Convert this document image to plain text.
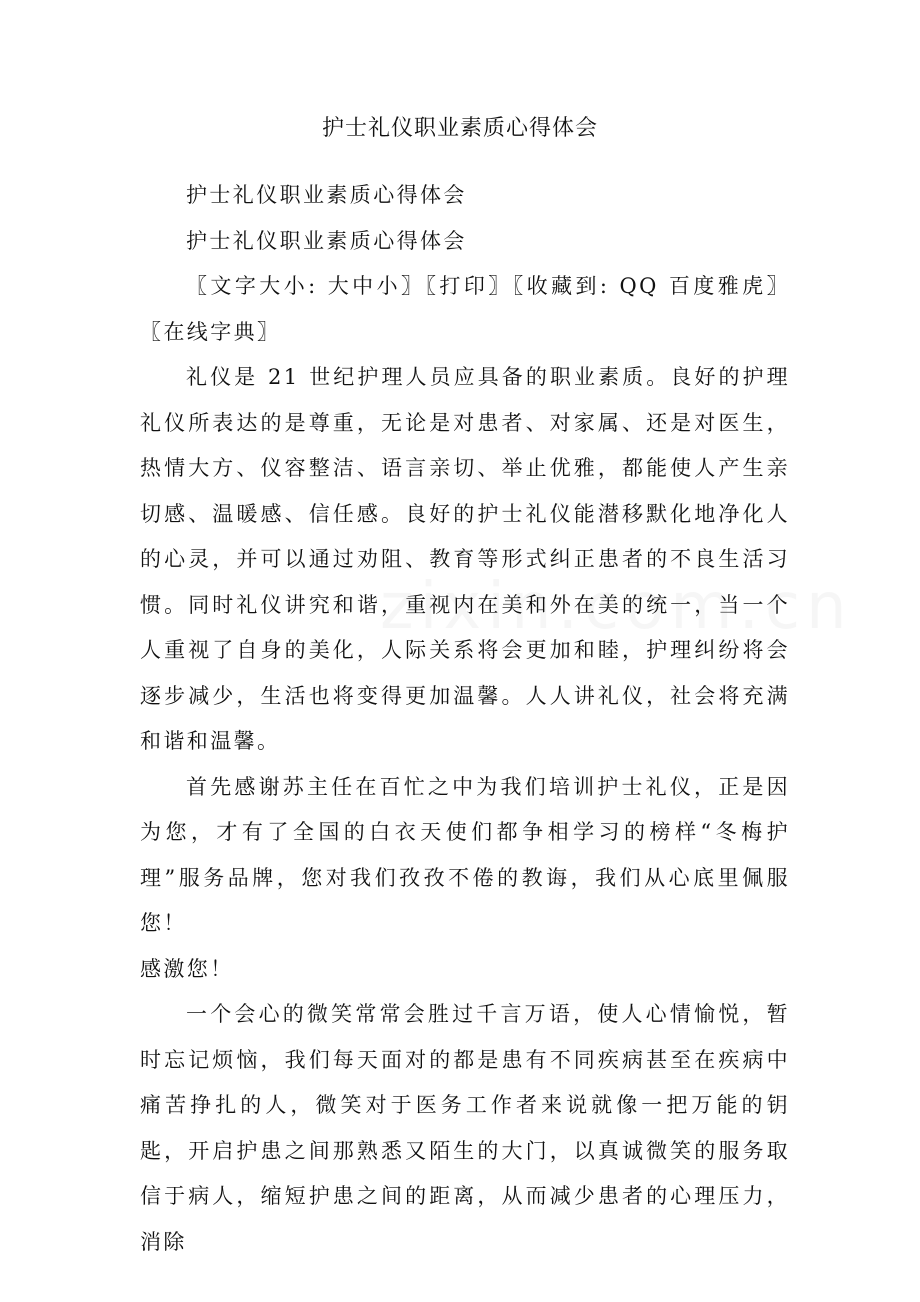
护士礼仪职业素质心得体会

护士礼仪职业素质心得体会

护士礼仪职业素质心得体会

〖文字大小: 大中小〗〖打印〗〖收藏到: QQ 百度雅虎〗〖在线字典〗

礼仪是 21 世纪护理人员应具备的职业素质。良好的护理礼仪所表达的是尊重，无论是对患者、对家属、还是对医生，热情大方、仪容整洁、语言亲切、举止优雅，都能使人产生亲切感、温暖感、信任感。良好的护士礼仪能潜移默化地净化人的心灵，并可以通过劝阻、教育等形式纠正患者的不良生活习惯。同时礼仪讲究和谐，重视内在美和外在美的统一，当一个人重视了自身的美化，人际关系将会更加和睦，护理纠纷将会逐步减少，生活也将变得更加温馨。人人讲礼仪，社会将充满和谐和温馨。

首先感谢苏主任在百忙之中为我们培训护士礼仪，正是因为您，才有了全国的白衣天使们都争相学习的榜样“冬梅护理”服务品牌，您对我们孜孜不倦的教诲，我们从心底里佩服您！

感激您！

一个会心的微笑常常会胜过千言万语，使人心情愉悦，暂时忘记烦恼，我们每天面对的都是患有不同疾病甚至在疾病中痛苦挣扎的人，微笑对于医务工作者来说就像一把万能的钥匙，开启护患之间那熟悉又陌生的大门，以真诚微笑的服务取信于病人，缩短护患之间的距离，从而减少患者的心理压力，消除
